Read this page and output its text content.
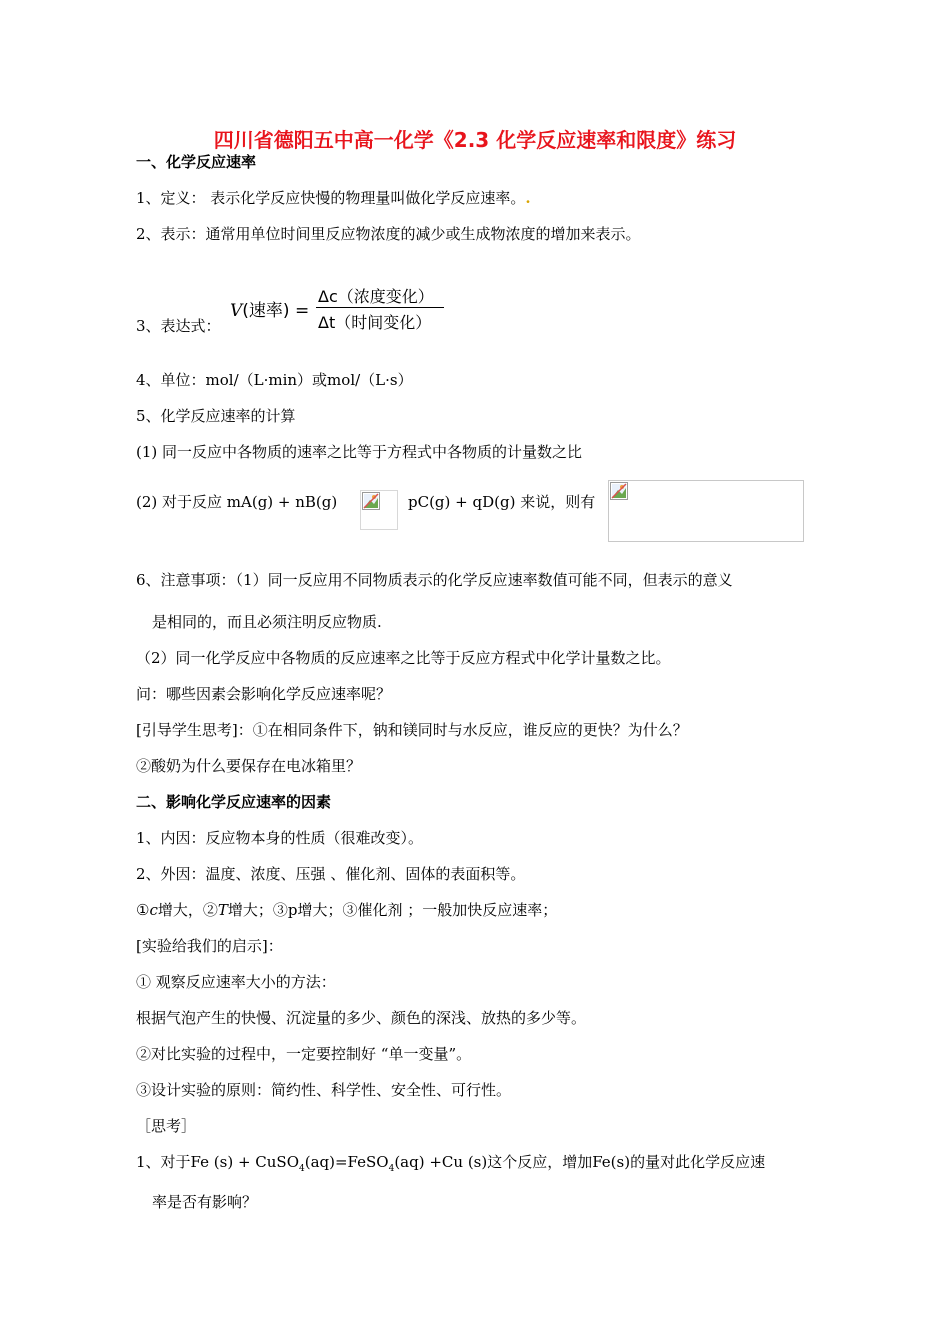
四川省德阳五中高一化学《2.3 化学反应速率和限度》练习
一、化学反应速率
1、定义： 表示化学反应快慢的物理量叫做化学反应速率。.
2、表示：通常用单位时间里反应物浓度的减少或生成物浓度的增加来表示。
3、表达式：
V(速率) =
Δc（浓度变化）
Δt（时间变化）
4、单位：mol/（L·min）或mol/（L·s）
5、化学反应速率的计算
(1) 同一反应中各物质的速率之比等于方程式中各物质的计量数之比
(2) 对于反应 mA(g) + nB(g)	pC(g) + qD(g) 来说，则有
6、注意事项：（1）同一反应用不同物质表示的化学反应速率数值可能不同，但表示的意义
是相同的，而且必须注明反应物质.
（2）同一化学反应中各物质的反应速率之比等于反应方程式中化学计量数之比。
问：哪些因素会影响化学反应速率呢？
[引导学生思考]：①在相同条件下，钠和镁同时与水反应，谁反应的更快？为什么？
②酸奶为什么要保存在电冰箱里？
二、影响化学反应速率的因素
1、内因：反应物本身的性质（很难改变）。
2、外因：温度、浓度、压强 、催化剂、固体的表面积等。
①c增大，②T增大；③p增大；③催化剂 ；一般加快反应速率；
[实验给我们的启示]：
① 观察反应速率大小的方法：
根据气泡产生的快慢、沉淀量的多少、颜色的深浅、放热的多少等。
②对比实验的过程中，一定要控制好 “单一变量”。
③设计实验的原则：简约性、科学性、安全性、可行性。
［思考］
1、对于Fe (s) + CuSO$_4$(aq)=FeSO$_4$(aq) +Cu (s)这个反应，增加Fe(s)的量对此化学反应速
率是否有影响？
